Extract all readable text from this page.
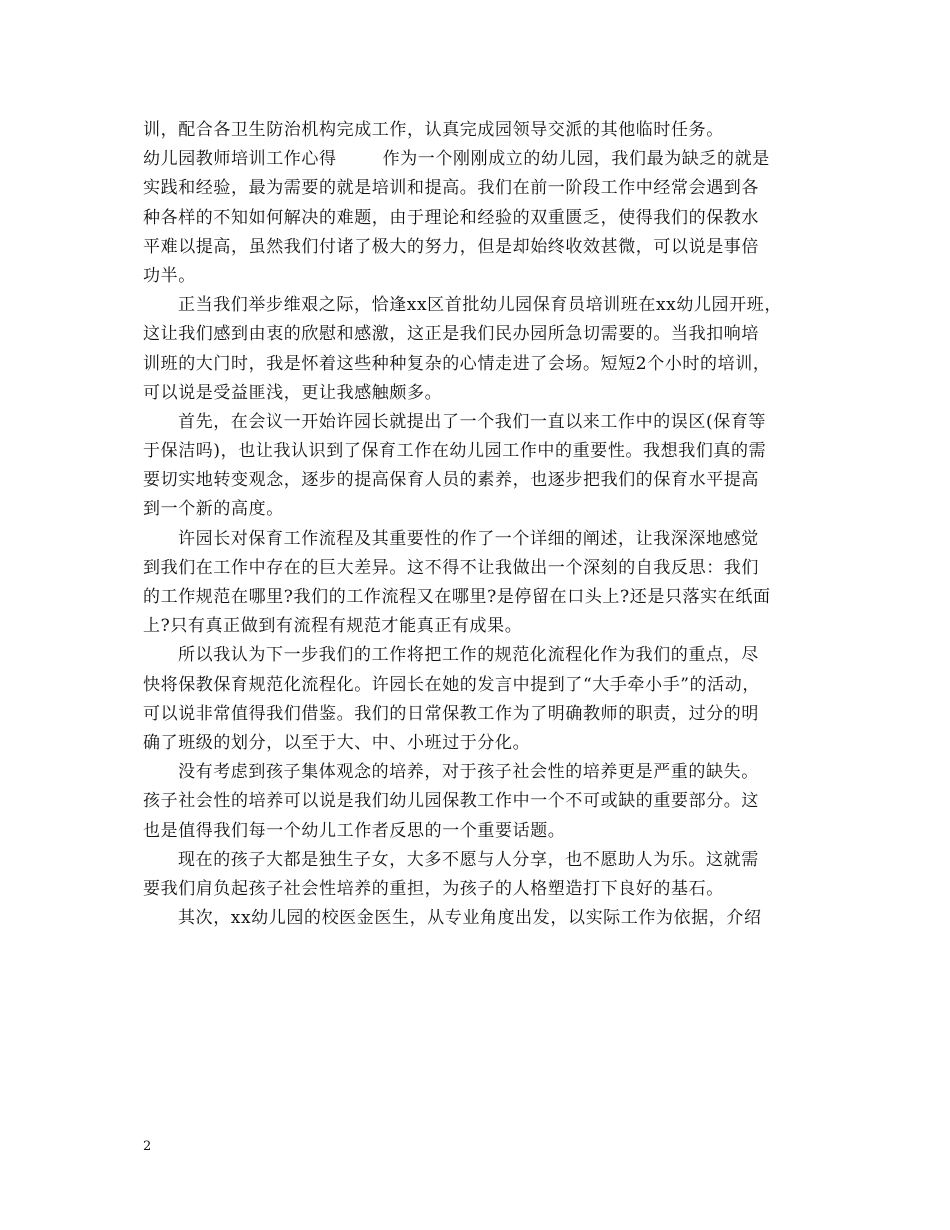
训，配合各卫生防治机构完成工作，认真完成园领导交派的其他临时任务。
幼儿园教师培训工作心得	作为一个刚刚成立的幼儿园，我们最为缺乏的就是
实践和经验，最为需要的就是培训和提高。我们在前一阶段工作中经常会遇到各
种各样的不知如何解决的难题，由于理论和经验的双重匮乏，使得我们的保教水
平难以提高，虽然我们付诸了极大的努力，但是却始终收效甚微，可以说是事倍
功半。
正当我们举步维艰之际，恰逢xx区首批幼儿园保育员培训班在xx幼儿园开班，
这让我们感到由衷的欣慰和感激，这正是我们民办园所急切需要的。当我扣响培
训班的大门时，我是怀着这些种种复杂的心情走进了会场。短短2个小时的培训，
可以说是受益匪浅，更让我感触颇多。
首先，在会议一开始许园长就提出了一个我们一直以来工作中的误区(保育等
于保洁吗)，也让我认识到了保育工作在幼儿园工作中的重要性。我想我们真的需
要切实地转变观念，逐步的提高保育人员的素养，也逐步把我们的保育水平提高
到一个新的高度。
许园长对保育工作流程及其重要性的作了一个详细的阐述，让我深深地感觉
到我们在工作中存在的巨大差异。这不得不让我做出一个深刻的自我反思：我们
的工作规范在哪里?我们的工作流程又在哪里?是停留在口头上?还是只落实在纸面
上?只有真正做到有流程有规范才能真正有成果。
所以我认为下一步我们的工作将把工作的规范化流程化作为我们的重点，尽
快将保教保育规范化流程化。许园长在她的发言中提到了“大手牵小手”的活动，
可以说非常值得我们借鉴。我们的日常保教工作为了明确教师的职责，过分的明
确了班级的划分，以至于大、中、小班过于分化。
没有考虑到孩子集体观念的培养，对于孩子社会性的培养更是严重的缺失。
孩子社会性的培养可以说是我们幼儿园保教工作中一个不可或缺的重要部分。这
也是值得我们每一个幼儿工作者反思的一个重要话题。
现在的孩子大都是独生子女，大多不愿与人分享，也不愿助人为乐。这就需
要我们肩负起孩子社会性培养的重担，为孩子的人格塑造打下良好的基石。
其次，xx幼儿园的校医金医生，从专业角度出发，以实际工作为依据，介绍
2
